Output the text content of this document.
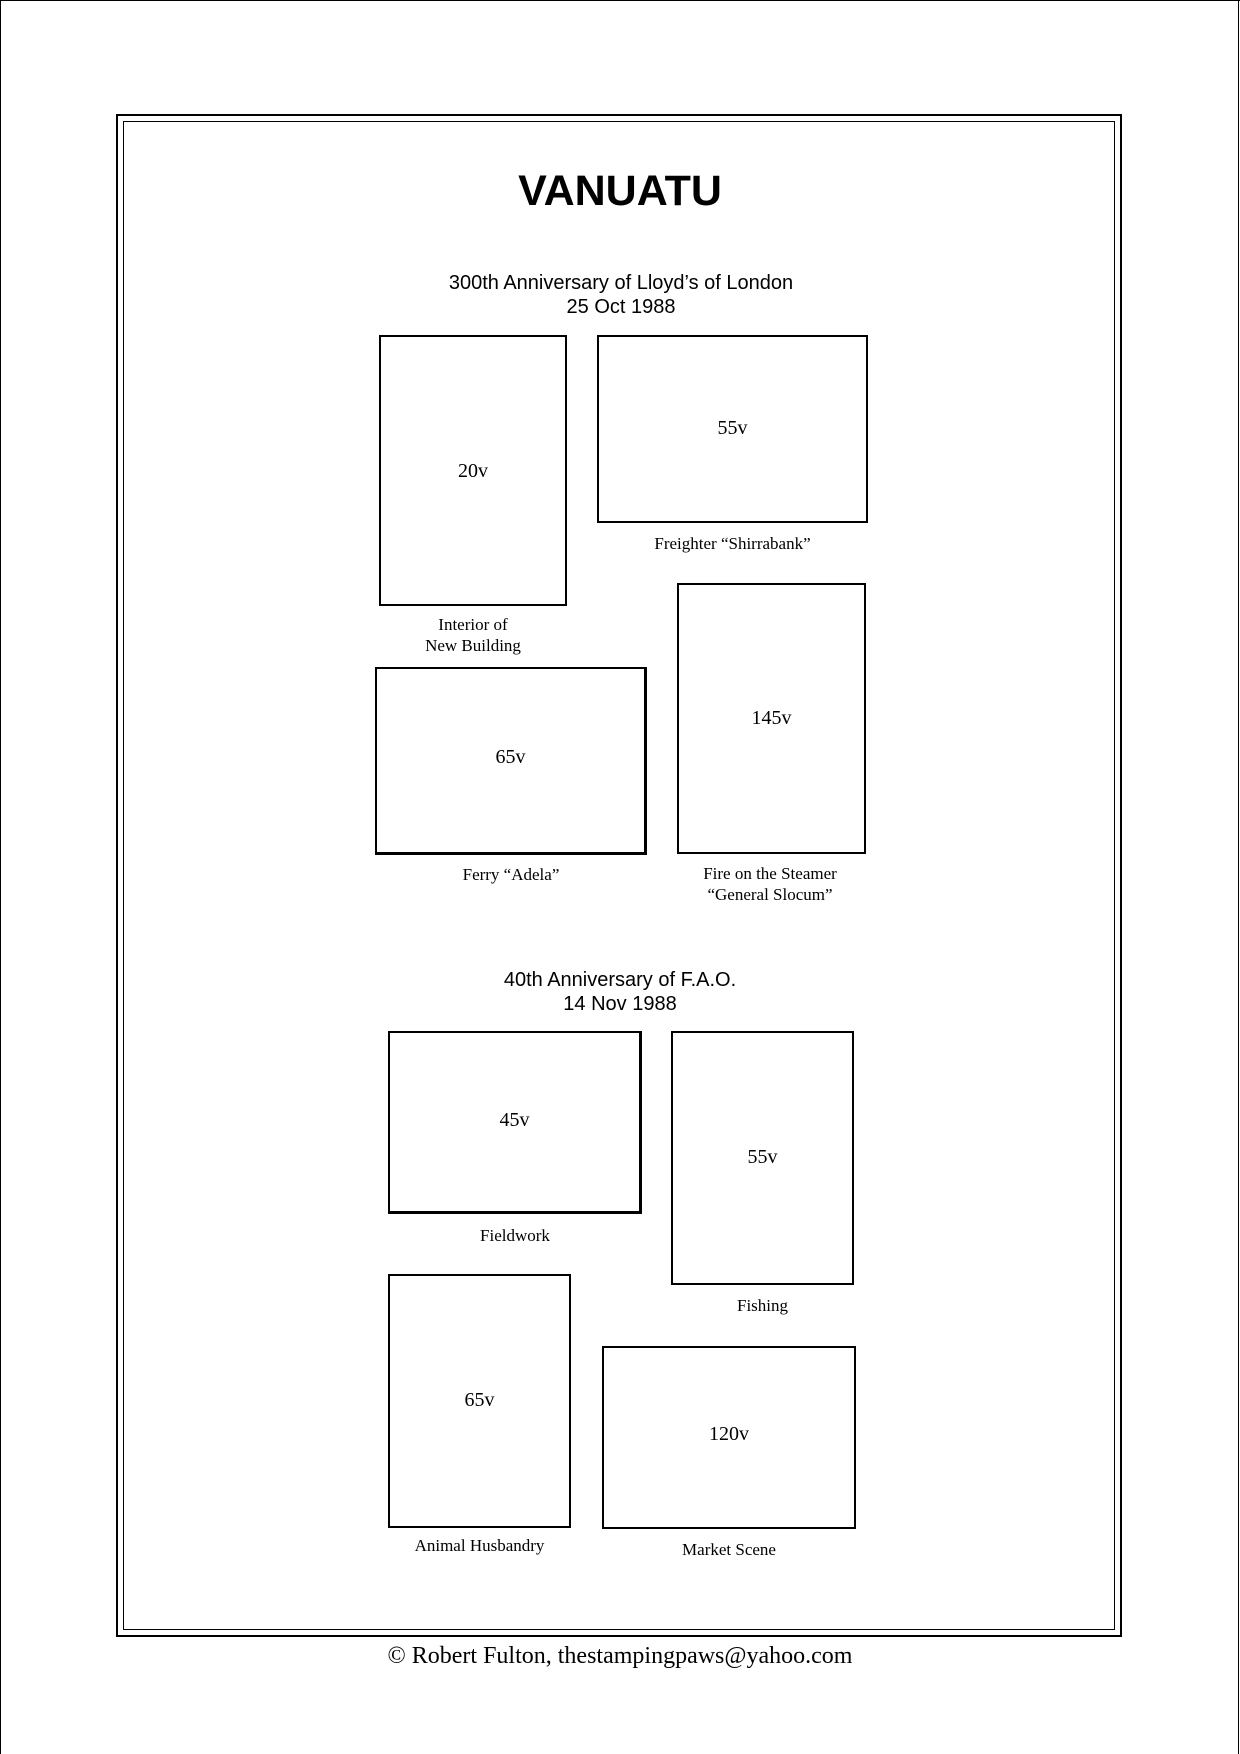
VANUATU
300th Anniversary of Lloyd’s of London
25 Oct 1988
20v
Interior of
New Building
55v
Freighter “Shirrabank”
65v
Ferry “Adela”
145v
Fire on the Steamer
“General Slocum”
40th Anniversary of F.A.O.
14 Nov 1988
45v
Fieldwork
55v
Fishing
65v
Animal Husbandry
120v
Market Scene
© Robert Fulton, thestampingpaws@yahoo.com
